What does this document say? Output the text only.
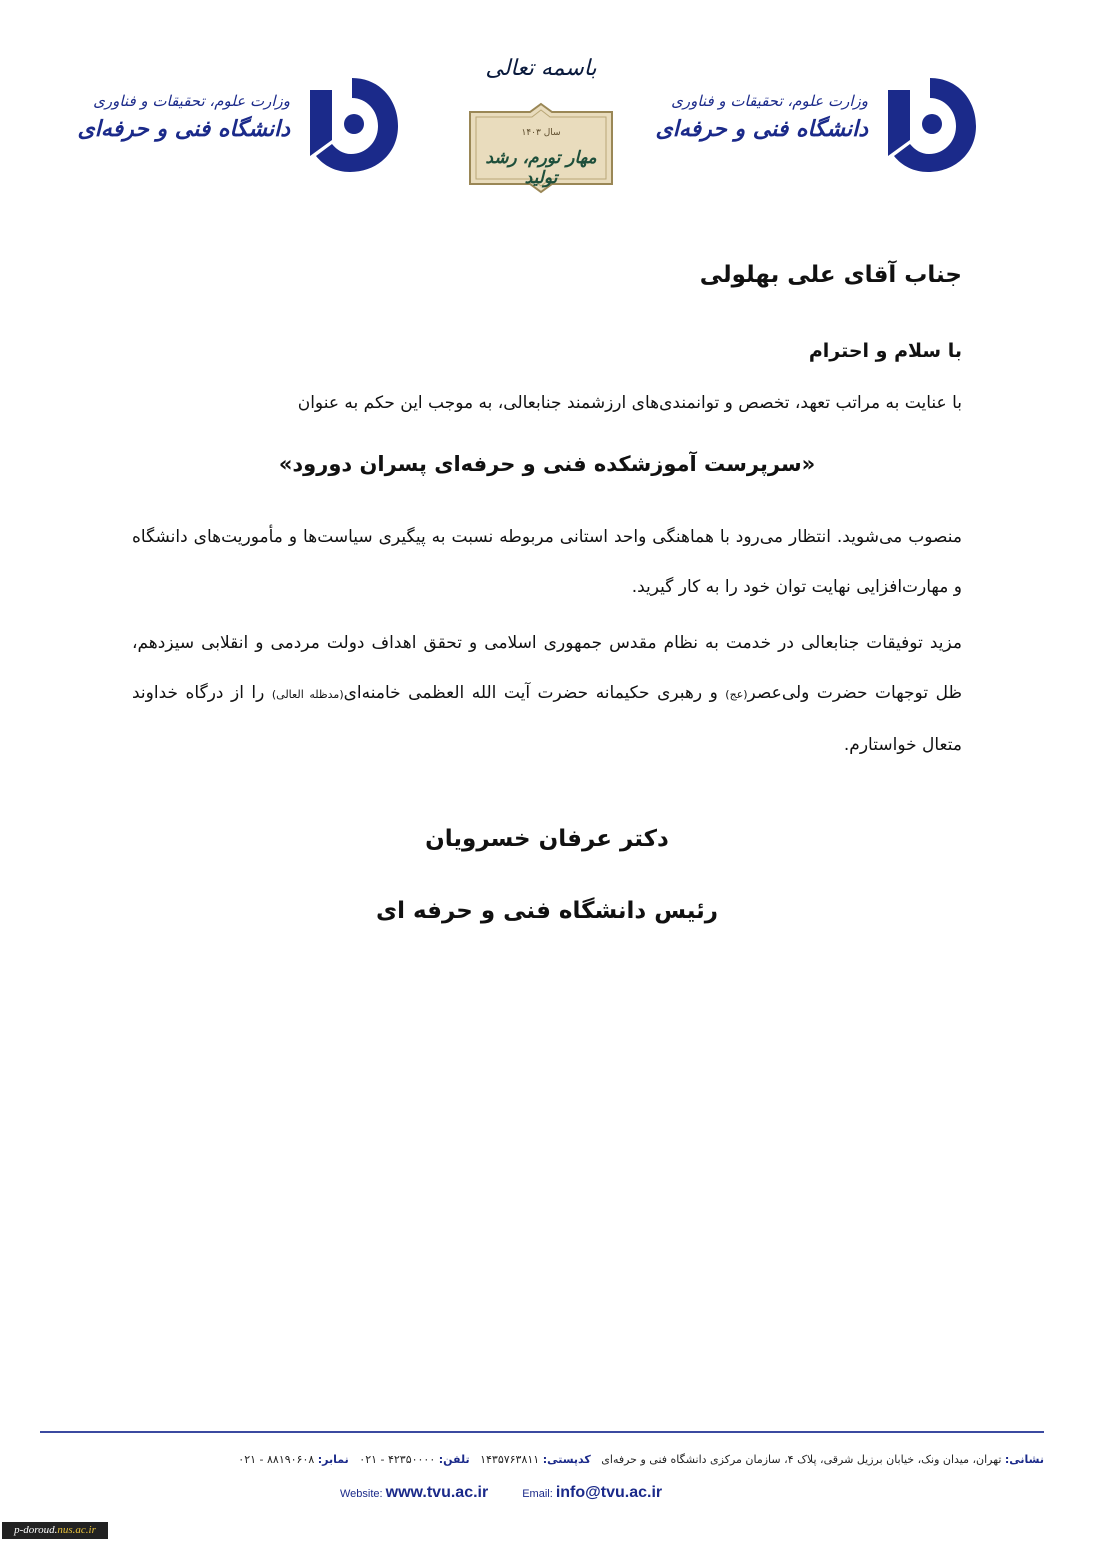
وزارت علوم، تحقیقات و فناوری
دانشگاه فنی و حرفه‌ای
باسمه تعالی
سال ۱۴۰۳
مهار تورم، رشد تولید
وزارت علوم، تحقیقات و فناوری
دانشگاه فنی و حرفه‌ای
جناب آقای علی بهلولی
با سلام و احترام
با عنایت به مراتب تعهد، تخصص و توانمندی‌های ارزشمند جنابعالی، به موجب این حکم به عنوان
«سرپرست آموزشکده فنی و حرفه‌ای پسران دورود»
منصوب می‌شوید. انتظار می‌رود با هماهنگی واحد استانی مربوطه نسبت به پیگیری سیاست‌ها و مأموریت‌های دانشگاه و مهارت‌افزایی نهایت توان خود را به کار گیرید.
مزید توفیقات جنابعالی در خدمت به نظام مقدس جمهوری اسلامی و تحقق اهداف دولت مردمی و انقلابی سیزدهم، ظل توجهات حضرت ولی‌عصر(عج) و رهبری حکیمانه حضرت آیت الله العظمی خامنه‌ای(مدظله العالی) را از درگاه خداوند متعال خواستارم.
دکتر عرفان خسرویان
رئیس دانشگاه فنی و حرفه ای
نشانی: تهران، میدان ونک، خیابان برزیل شرقی، پلاک ۴، سازمان مرکزی دانشگاه فنی و حرفه‌ای   کدپستی: ۱۴۳۵۷۶۳۸۱۱   تلفن: ۴۲۳۵۰۰۰۰ - ۰۲۱   نمابر: ۸۸۱۹۰۶۰۸ - ۰۲۱
Website: www.tvu.ac.ir	Email: info@tvu.ac.ir
p-doroud.nus.ac.ir
